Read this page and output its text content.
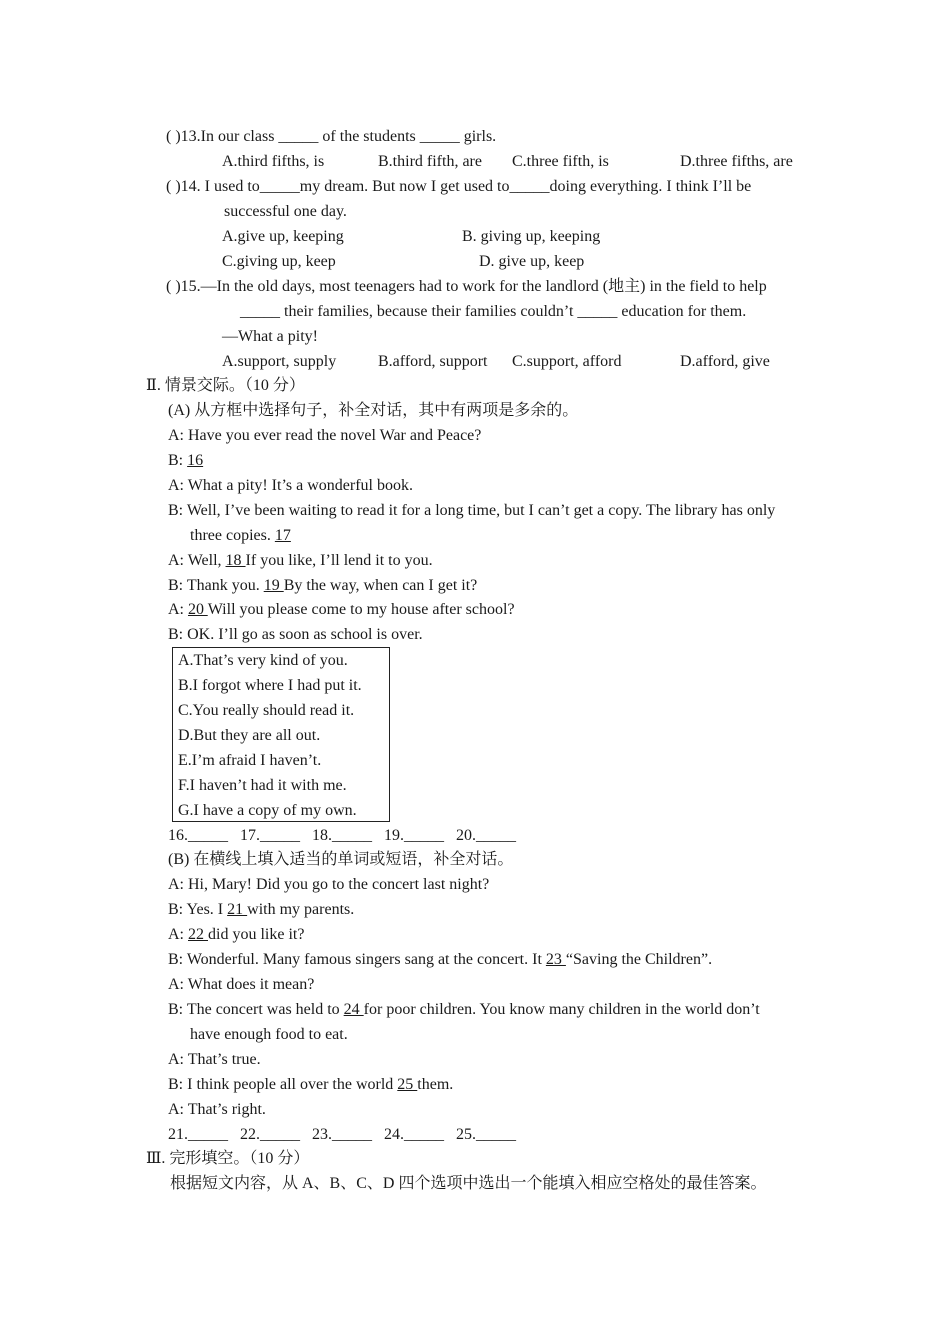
( )13.In our class _____ of the students _____ girls.
A.third fifths, is	B.third fifth, are C.three fifth, is	D.three fifths, are
( )14. I used to_____my dream. But now I get used to_____doing everything. I think I’ll be
successful one day.
A.give up, keeping	B. giving up, keeping
C.giving up, keep	D. give up, keep
( )15.—In the old days, most teenagers had to work for the landlord (地主) in the field to help
_____ their families, because their families couldn’t _____ education for them.
—What a pity!
A.support, supply	B.afford, support C.support, afford	D.afford, give
Ⅱ. 情景交际。（10 分）
(A) 从方框中选择句子，补全对话，其中有两项是多余的。
A: Have you ever read the novel War and Peace?
B: 16
A: What a pity! It’s a wonderful book.
B: Well, I’ve been waiting to read it for a long time, but I can’t get a copy. The library has only
three copies. 17
A: Well, 18 If you like, I’ll lend it to you.
B: Thank you. 19 By the way, when can I get it?
A: 20 Will you please come to my house after school?
B: OK. I’ll go as soon as school is over.
A.That’s very kind of you.
B.I forgot where I had put it.
C.You really should read it.
D.But they are all out.
E.I’m afraid I haven’t.
F.I haven’t had it with me.
G.I have a copy of my own.
16._____   17._____   18._____   19._____   20._____
(B) 在横线上填入适当的单词或短语，补全对话。
A: Hi, Mary! Did you go to the concert last night?
B: Yes. I 21 with my parents.
A: 22 did you like it?
B: Wonderful. Many famous singers sang at the concert. It 23 “Saving the Children”.
A: What does it mean?
B: The concert was held to 24 for poor children. You know many children in the world don’t
have enough food to eat.
A: That’s true.
B: I think people all over the world 25 them.
A: That’s right.
21._____   22._____   23._____   24._____   25._____
Ⅲ. 完形填空。（10 分）
根据短文内容，从 A、B、C、D 四个选项中选出一个能填入相应空格处的最佳答案。
